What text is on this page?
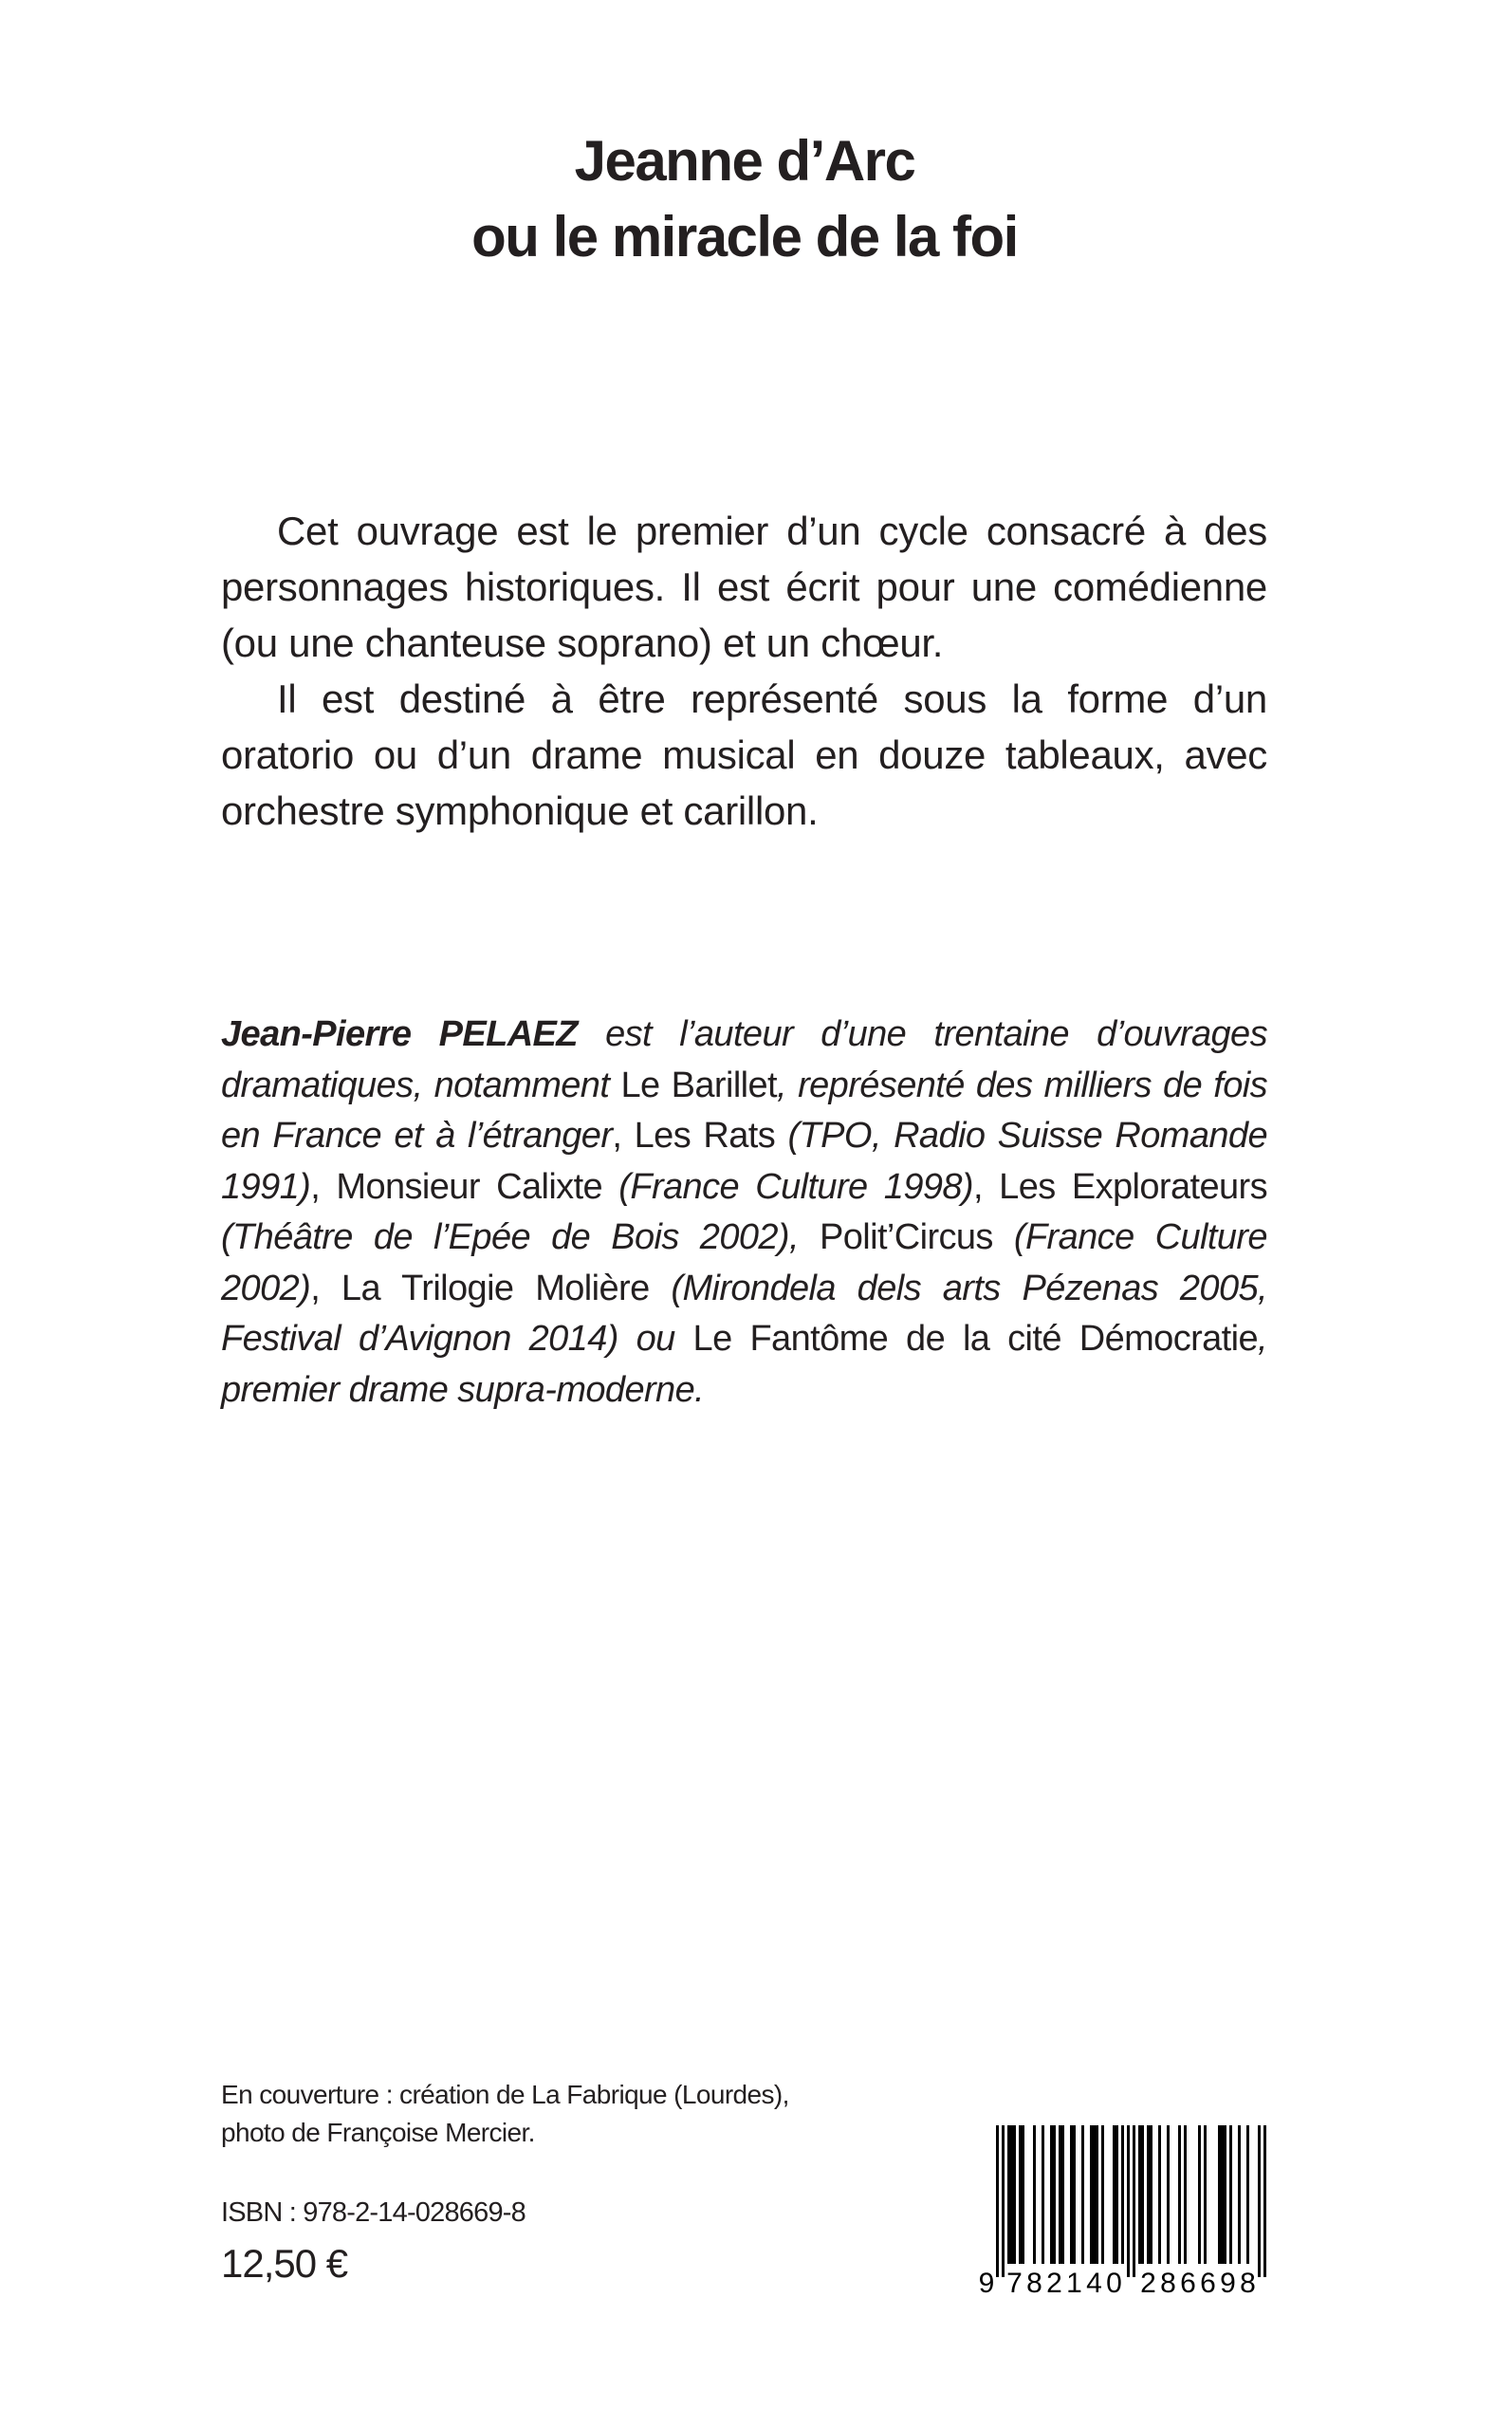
Jeanne d’Arc
ou le miracle de la foi

Cet ouvrage est le premier d’un cycle consacré à des personnages historiques. Il est écrit pour une comédienne (ou une chanteuse soprano) et un chœur.

Il est destiné à être représenté sous la forme d’un oratorio ou d’un drame musical en douze tableaux, avec orchestre symphonique et carillon.

Jean-Pierre PELAEZ est l’auteur d’une trentaine d’ouvrages dramatiques, notamment Le Barillet, représenté des milliers de fois en France et à l’étranger, Les Rats (TPO, Radio Suisse Romande 1991), Monsieur Calixte (France Culture 1998), Les Explorateurs (Théâtre de l’Epée de Bois 2002), Polit’Circus (France Culture 2002), La Trilogie Molière (Mirondela dels arts Pézenas 2005, Festival d’Avignon 2014) ou Le Fantôme de la cité Démocratie, premier drame supra-moderne.
En couverture : création de La Fabrique (Lourdes),
photo de Françoise Mercier.
ISBN : 978-2-14-028669-8
12,50 €	9 7 8 2 1 4 0 2 8 6 6 9 8
